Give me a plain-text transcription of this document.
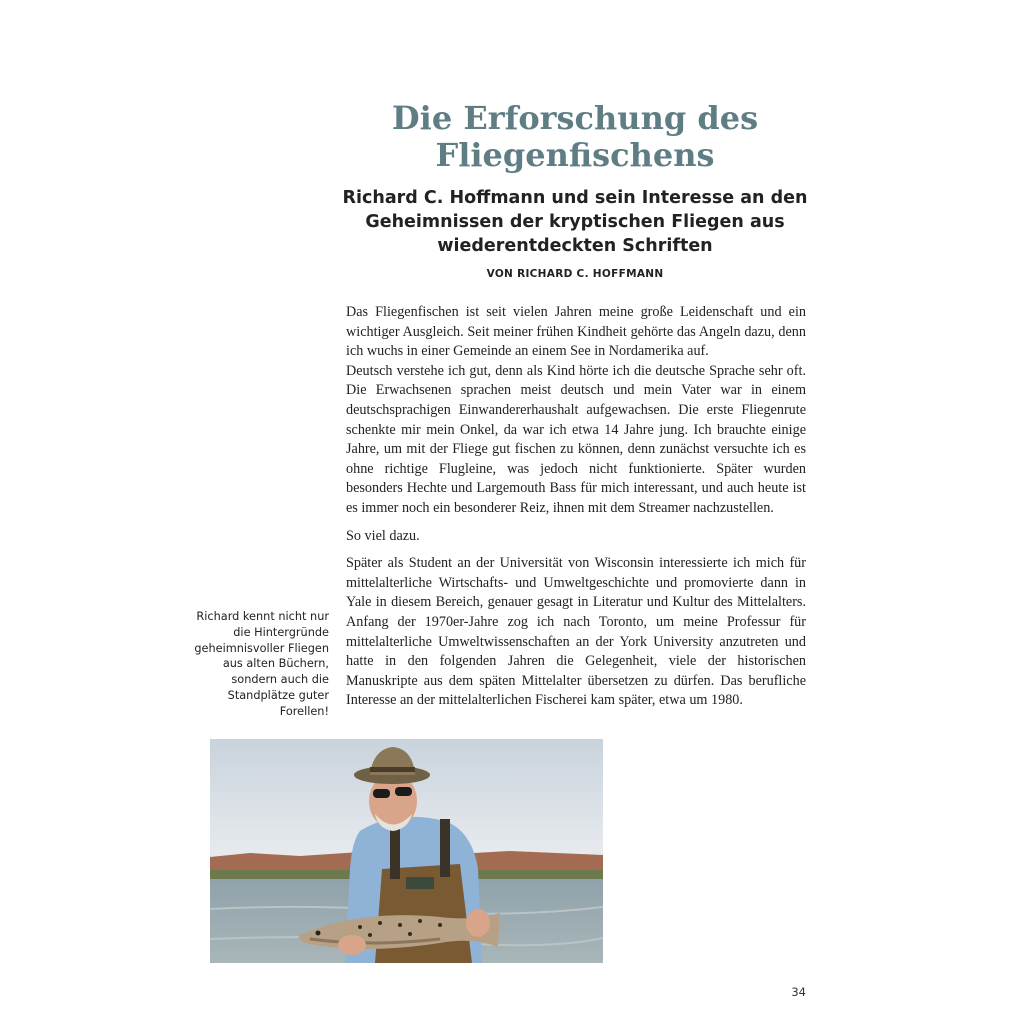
Die Erforschung des Fliegenfischens
Richard C. Hoffmann und sein Interesse an den Geheimnissen der kryptischen Fliegen aus wiederentdeckten Schriften
VON RICHARD C. HOFFMANN

Das Fliegenfischen ist seit vielen Jahren meine große Leidenschaft und ein wichtiger Ausgleich. Seit meiner frühen Kindheit gehörte das Angeln dazu, denn ich wuchs in einer Gemeinde an einem See in Nordamerika auf.

Deutsch verstehe ich gut, denn als Kind hörte ich die deutsche Sprache sehr oft. Die Erwachsenen sprachen meist deutsch und mein Vater war in einem deutschsprachigen Einwandererhaushalt aufgewachsen. Die erste Fliegenrute schenkte mir mein Onkel, da war ich etwa 14 Jahre jung. Ich brauchte einige Jahre, um mit der Fliege gut fischen zu können, denn zunächst versuchte ich es ohne richtige Flugleine, was jedoch nicht funktionierte. Später wurden besonders Hechte und Largemouth Bass für mich interessant, und auch heute ist es immer noch ein besonderer Reiz, ihnen mit dem Streamer nachzustellen.

So viel dazu.

Später als Student an der Universität von Wisconsin interessierte ich mich für mittelalterliche Wirtschafts- und Umweltgeschichte und promovierte dann in Yale in diesem Bereich, genauer gesagt in Literatur und Kultur des Mittelalters. Anfang der 1970er-Jahre zog ich nach Toronto, um meine Professur für mittelalterliche Umweltwissenschaften an der York University anzutreten und hatte in den folgenden Jahren die Gelegenheit, viele der historischen Manuskripte aus dem späten Mittelalter übersetzen zu dürfen. Das berufliche Interesse an der mittelalterlichen Fischerei kam später, etwa um 1980.

Richard kennt nicht nur die Hintergründe geheimnisvoller Fliegen aus alten Büchern, sondern auch die Standplätze guter Forellen!
34
